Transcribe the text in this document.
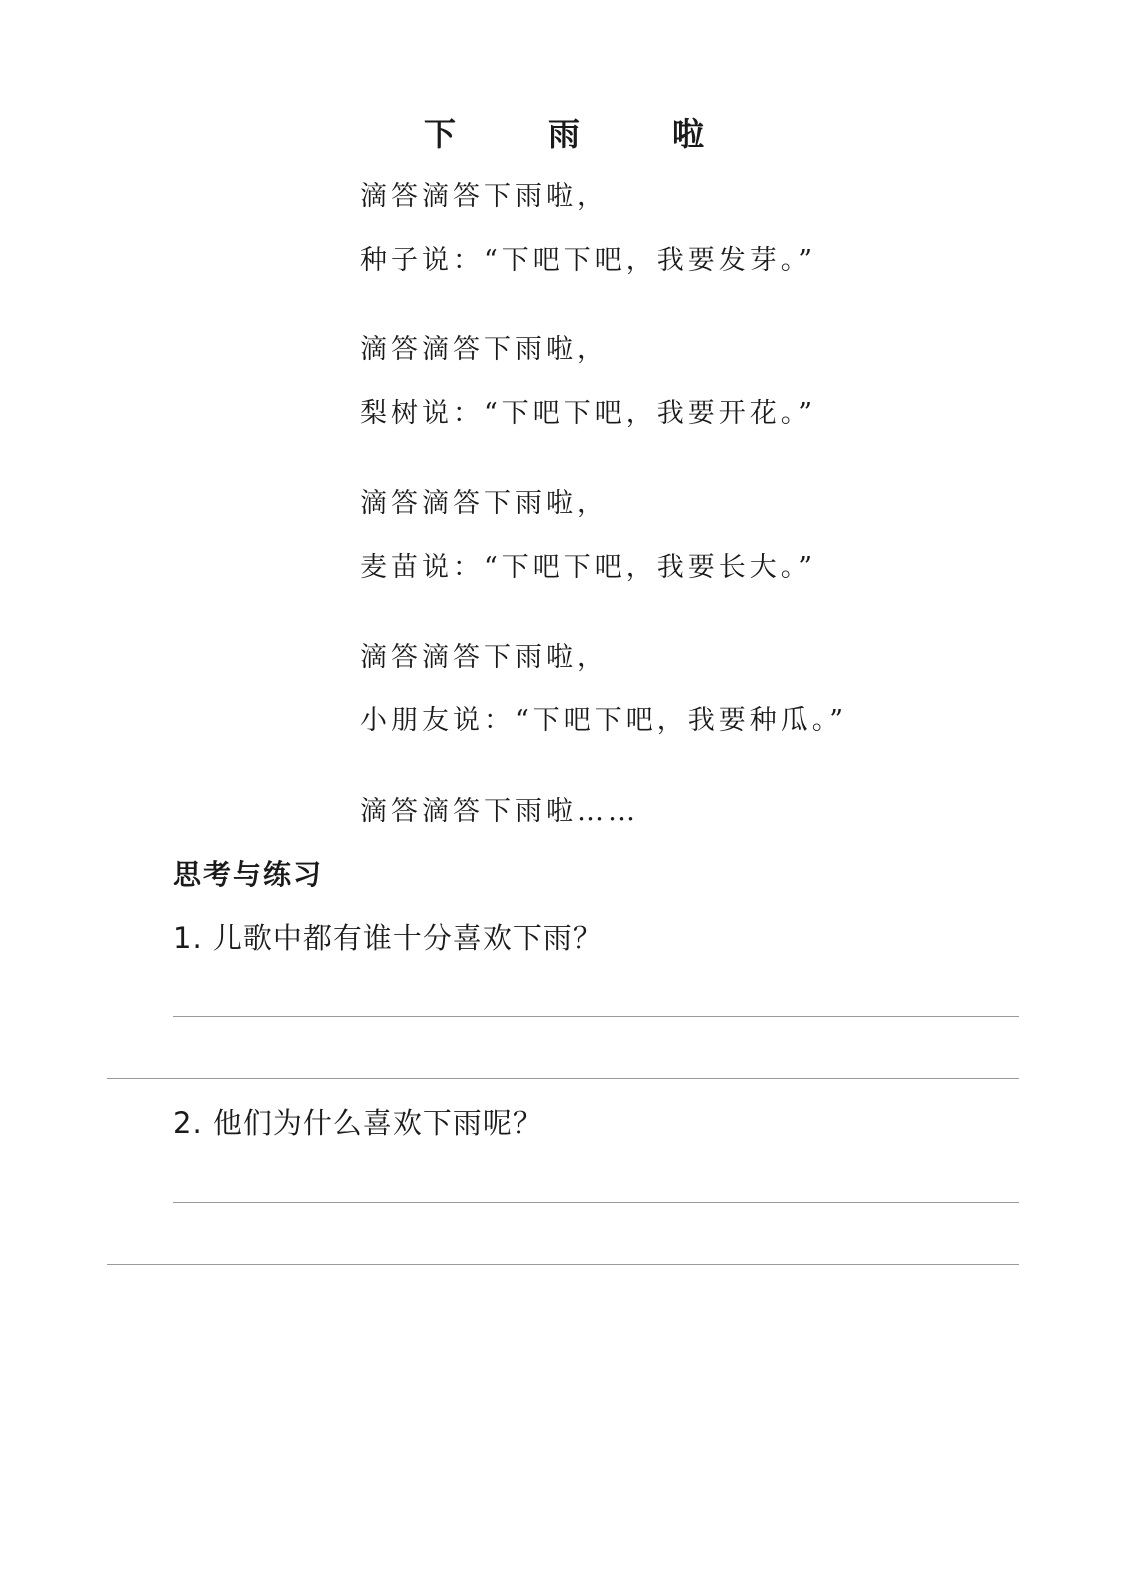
下　雨　啦
滴答滴答下雨啦，
种子说：“下吧下吧，我要发芽。”
滴答滴答下雨啦，
梨树说：“下吧下吧，我要开花。”
滴答滴答下雨啦，
麦苗说：“下吧下吧，我要长大。”
滴答滴答下雨啦，
小朋友说：“下吧下吧，我要种瓜。”
滴答滴答下雨啦……
思考与练习
1. 儿歌中都有谁十分喜欢下雨？
2. 他们为什么喜欢下雨呢？
